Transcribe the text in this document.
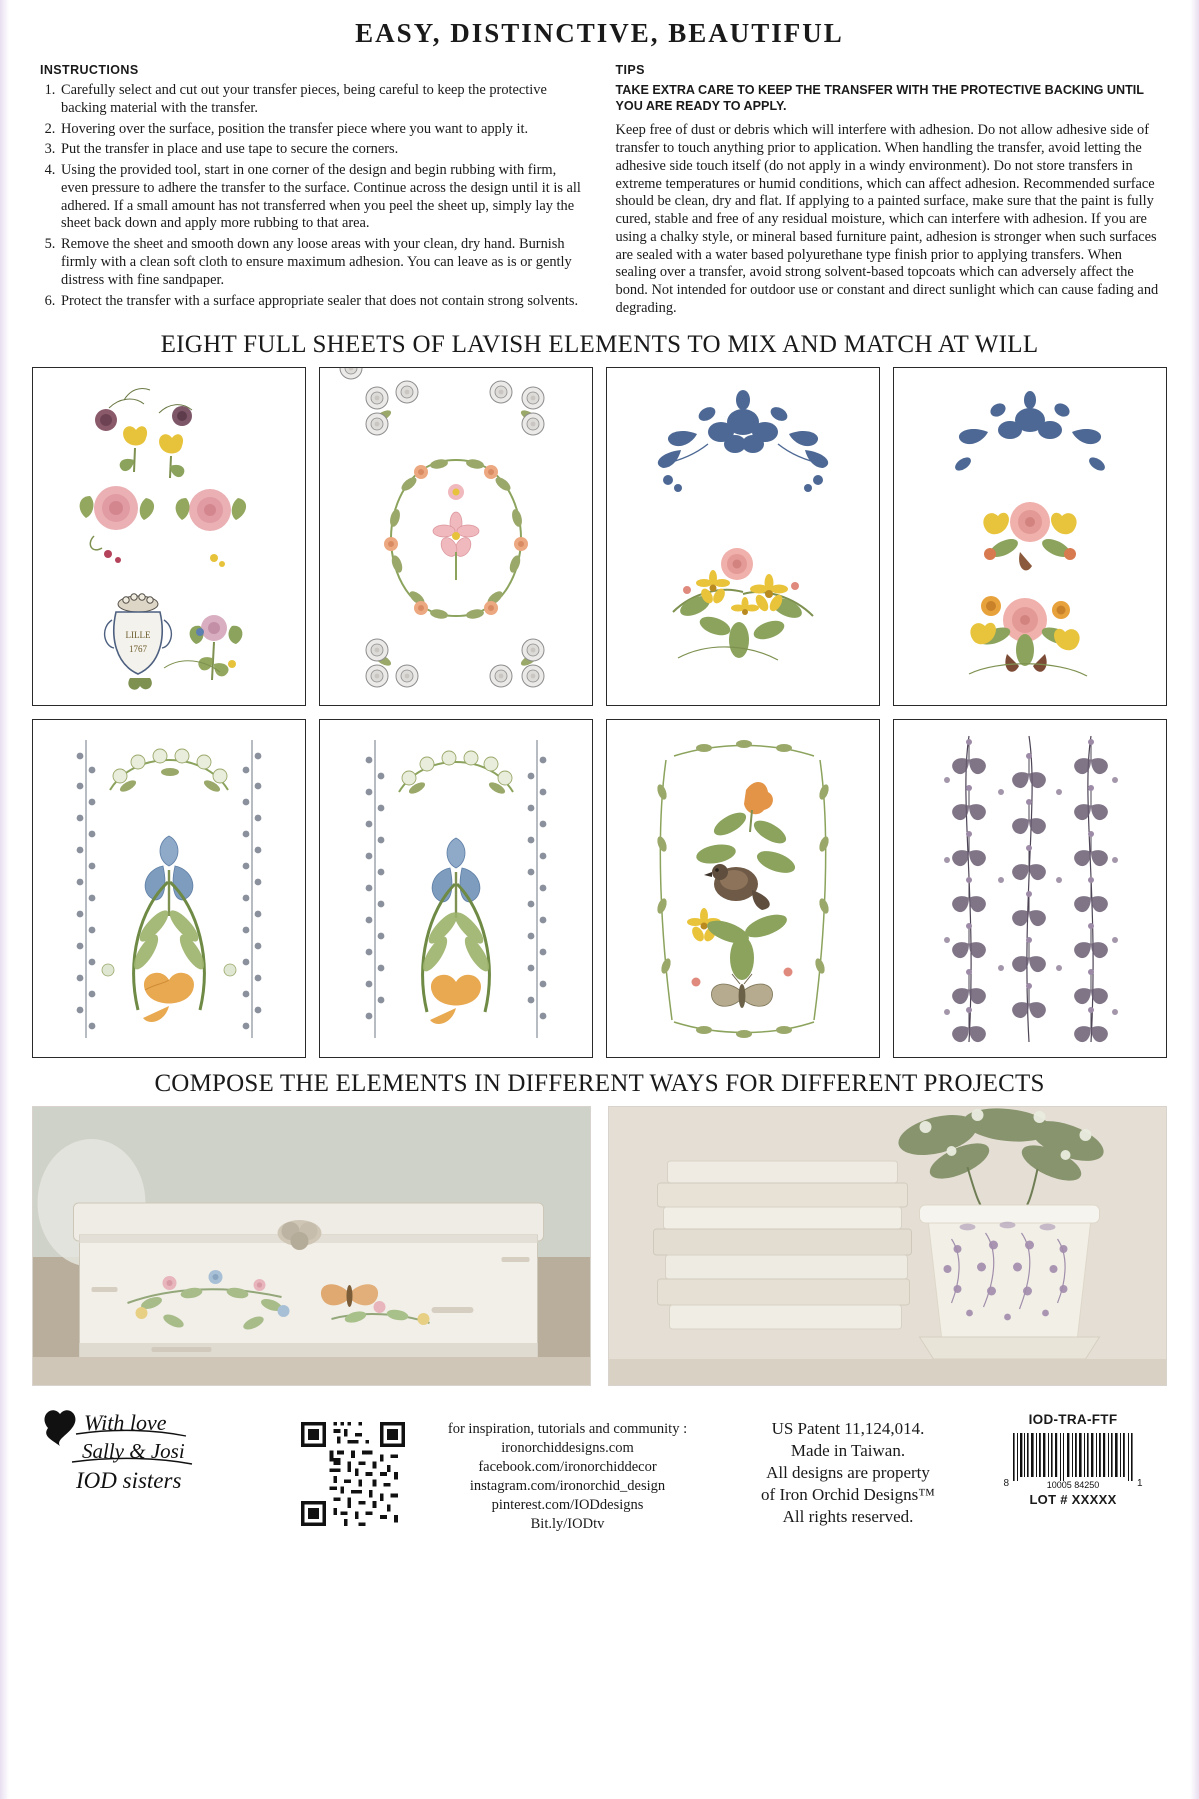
EASY, DISTINCTIVE, BEAUTIFUL
INSTRUCTIONS
1. Carefully select and cut out your transfer pieces, being careful to keep the protective backing material with the transfer.
2. Hovering over the surface, position the transfer piece where you want to apply it.
3. Put the transfer in place and use tape to secure the corners.
4. Using the provided tool, start in one corner of the design and begin rubbing with firm, even pressure to adhere the transfer to the surface. Continue across the design until it is all adhered. If a small amount has not transferred when you peel the sheet up, simply lay the sheet back down and apply more rubbing to that area.
5. Remove the sheet and smooth down any loose areas with your clean, dry hand. Burnish firmly with a clean soft cloth to ensure maximum adhesion. You can leave as is or gently distress with fine sandpaper.
6. Protect the transfer with a surface appropriate sealer that does not contain strong solvents.
TIPS
TAKE EXTRA CARE TO KEEP THE TRANSFER WITH THE PROTECTIVE BACKING UNTIL YOU ARE READY TO APPLY.
Keep free of dust or debris which will interfere with adhesion. Do not allow adhesive side of transfer to touch anything prior to application. When handling the transfer, avoid letting the adhesive side touch itself (do not apply in a windy environment). Do not store transfers in extreme temperatures or humid conditions, which can affect adhesion. Recommended surface should be clean, dry and flat. If applying to a painted surface, make sure that the paint is fully cured, stable and free of any residual moisture, which can interfere with adhesion. If you are using a chalky style, or mineral based furniture paint, adhesion is stronger when such surfaces are sealed with a water based polyurethane type finish prior to applying transfers. When sealing over a transfer, avoid strong solvent-based topcoats which can adversely affect the bond. Not intended for outdoor use or constant and direct sunlight which can cause fading and degrading.
EIGHT FULL SHEETS OF LAVISH ELEMENTS TO MIX AND MATCH AT WILL
LILLE
1767
COMPOSE THE ELEMENTS IN DIFFERENT WAYS FOR DIFFERENT PROJECTS
With love
Sally & Josi
IOD sisters
for inspiration, tutorials and community :
ironorchiddesigns.com
facebook.com/ironorchiddecor
instagram.com/ironorchid_design
pinterest.com/IODdesigns
Bit.ly/IODtv
US Patent 11,124,014.
Made in Taiwan.
All designs are property
of Iron Orchid Designs™
All rights reserved.
IOD-TRA-FTF
8	10005 84250	1
LOT # XXXXX
